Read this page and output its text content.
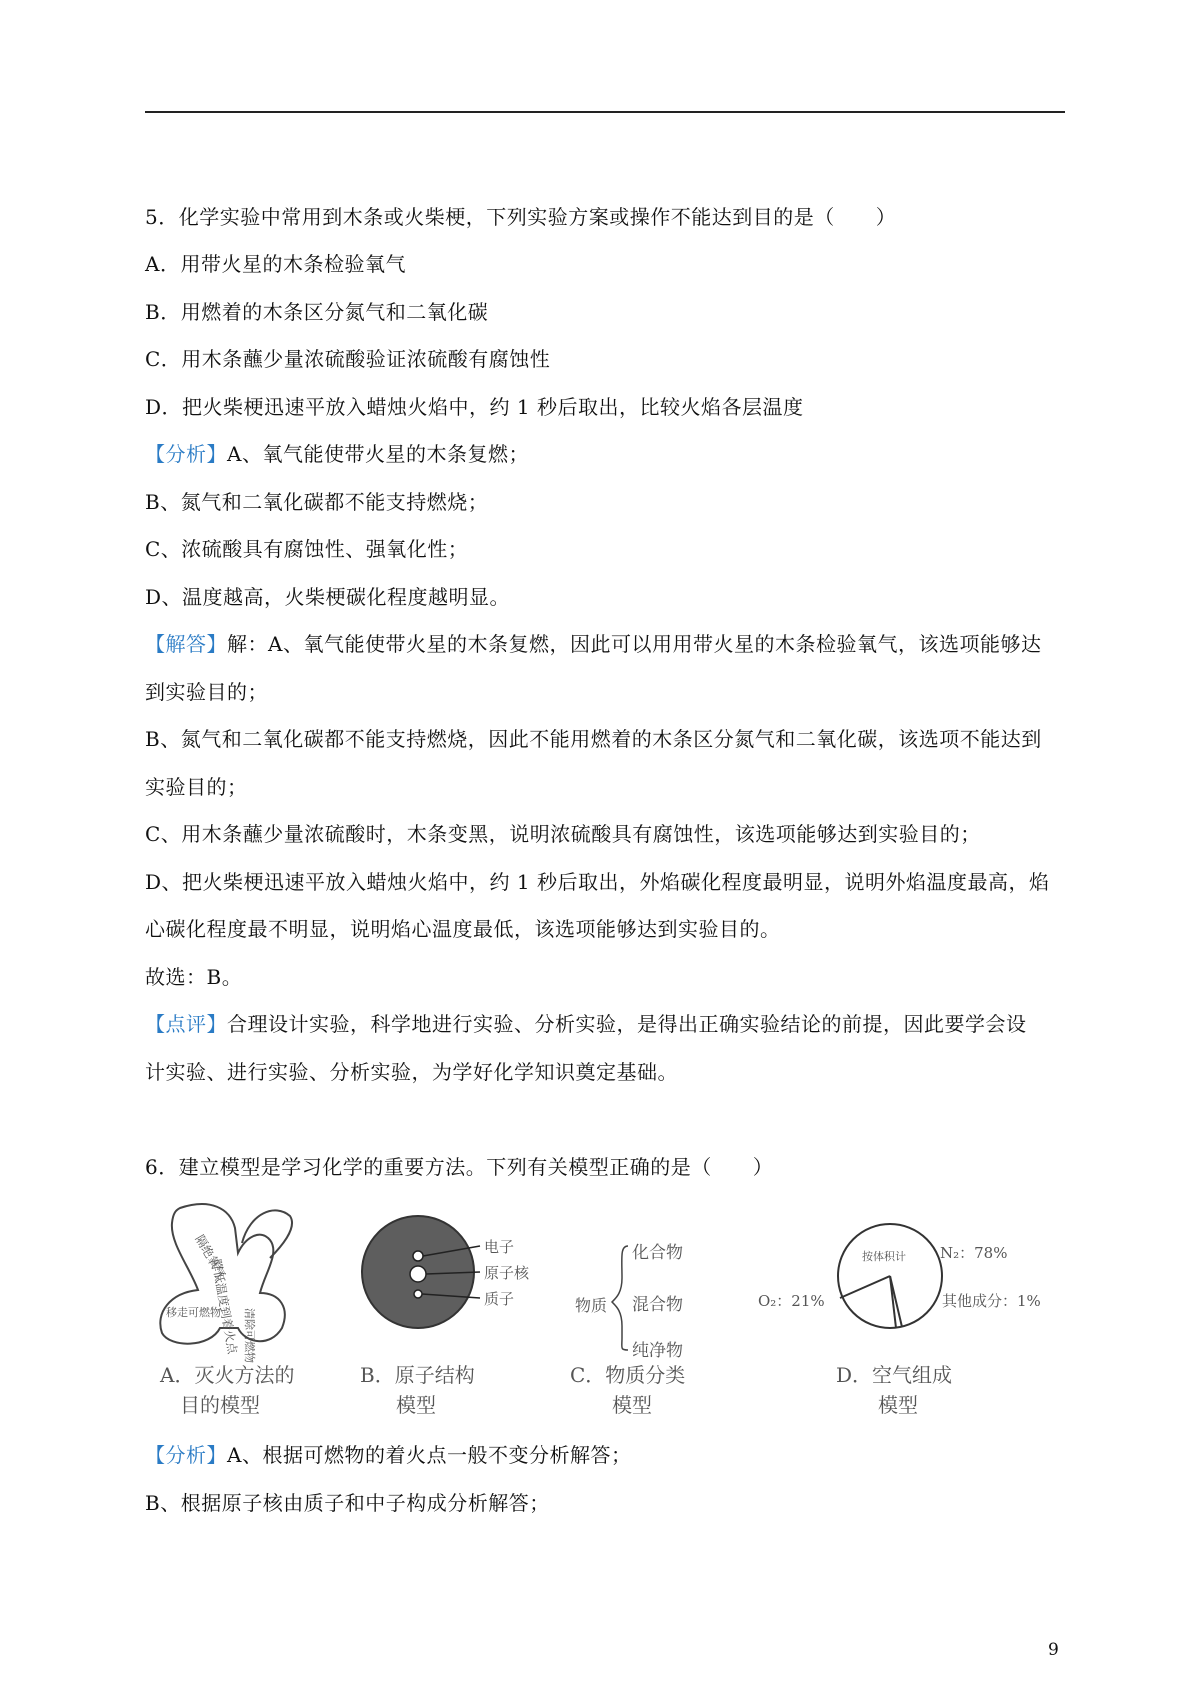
5．化学实验中常用到木条或火柴梗，下列实验方案或操作不能达到目的是（　　）
A．用带火星的木条检验氧气
B．用燃着的木条区分氮气和二氧化碳
C．用木条蘸少量浓硫酸验证浓硫酸有腐蚀性
D．把火柴梗迅速平放入蜡烛火焰中，约 1 秒后取出，比较火焰各层温度
【分析】A、氧气能使带火星的木条复燃；
B、氮气和二氧化碳都不能支持燃烧；
C、浓硫酸具有腐蚀性、强氧化性；
D、温度越高，火柴梗碳化程度越明显。
【解答】解：A、氧气能使带火星的木条复燃，因此可以用用带火星的木条检验氧气，该选项能够达
到实验目的；
B、氮气和二氧化碳都不能支持燃烧，因此不能用燃着的木条区分氮气和二氧化碳，该选项不能达到
实验目的；
C、用木条蘸少量浓硫酸时，木条变黑，说明浓硫酸具有腐蚀性，该选项能够达到实验目的；
D、把火柴梗迅速平放入蜡烛火焰中，约 1 秒后取出，外焰碳化程度最明显，说明外焰温度最高，焰
心碳化程度最不明显，说明焰心温度最低，该选项能够达到实验目的。
故选：B。
【点评】合理设计实验，科学地进行实验、分析实验，是得出正确实验结论的前提，因此要学会设
计实验、进行实验、分析实验，为学好化学知识奠定基础。
6．建立模型是学习化学的重要方法。下列有关模型正确的是（　　）
隔绝氧气
降低温度到着火点
移走可燃物 清除可燃物
A．灭火方法的
目的模型
电子
原子核
质子
B．原子结构
模型
物质
化合物
混合物
纯净物
C．物质分类
模型
按体积计 N₂：78%
O₂：21%	其他成分：1%
D．空气组成
模型
【分析】A、根据可燃物的着火点一般不变分析解答；
B、根据原子核由质子和中子构成分析解答；
9
